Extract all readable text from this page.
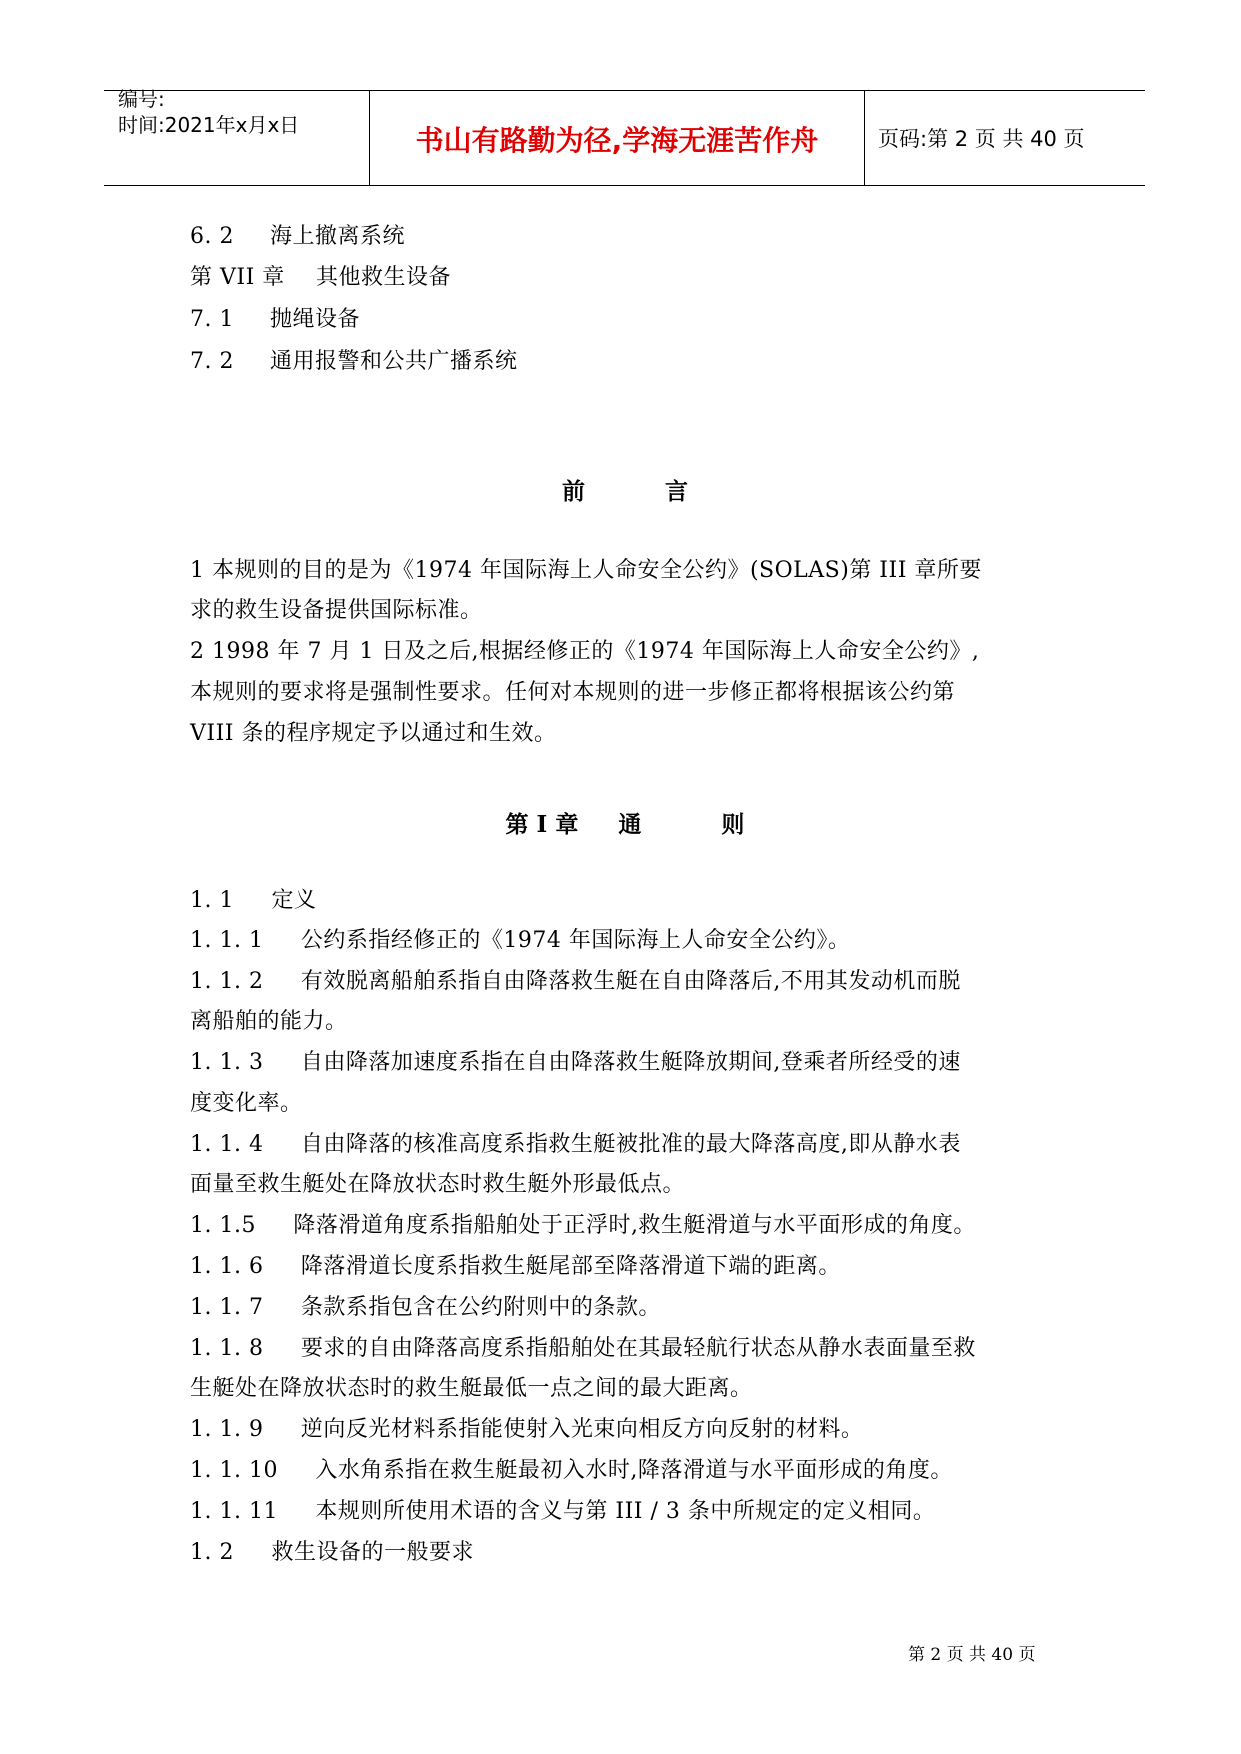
编号:
时间:2021年x月x日	书山有路勤为径,学海无涯苦作舟	页码:第 2 页 共 40 页
6. 2 海上撤离系统
第 VII 章 其他救生设备
7. 1 抛绳设备
7. 2 通用报警和公共广播系统
前          言
1 本规则的目的是为《1974 年国际海上人命安全公约》(SOLAS)第 III 章所要
求的救生设备提供国际标准。
2 1998 年 7 月 1 日及之后,根据经修正的《1974 年国际海上人命安全公约》,
本规则的要求将是强制性要求。任何对本规则的进一步修正都将根据该公约第
VIII 条的程序规定予以通过和生效。
第 I 章     通          则
1. 1     定义
1. 1. 1     公约系指经修正的《1974 年国际海上人命安全公约》。
1. 1. 2     有效脱离船舶系指自由降落救生艇在自由降落后,不用其发动机而脱
离船舶的能力。
1. 1. 3     自由降落加速度系指在自由降落救生艇降放期间,登乘者所经受的速
度变化率。
1. 1. 4     自由降落的核准高度系指救生艇被批准的最大降落高度,即从静水表
面量至救生艇处在降放状态时救生艇外形最低点。
1. 1.5     降落滑道角度系指船舶处于正浮时,救生艇滑道与水平面形成的角度。
1. 1. 6     降落滑道长度系指救生艇尾部至降落滑道下端的距离。
1. 1. 7     条款系指包含在公约附则中的条款。
1. 1. 8     要求的自由降落高度系指船舶处在其最轻航行状态从静水表面量至救
生艇处在降放状态时的救生艇最低一点之间的最大距离。
1. 1. 9     逆向反光材料系指能使射入光束向相反方向反射的材料。
1. 1. 10     入水角系指在救生艇最初入水时,降落滑道与水平面形成的角度。
1. 1. 11     本规则所使用术语的含义与第 III / 3 条中所规定的定义相同。
1. 2     救生设备的一般要求
第 2 页 共 40 页
